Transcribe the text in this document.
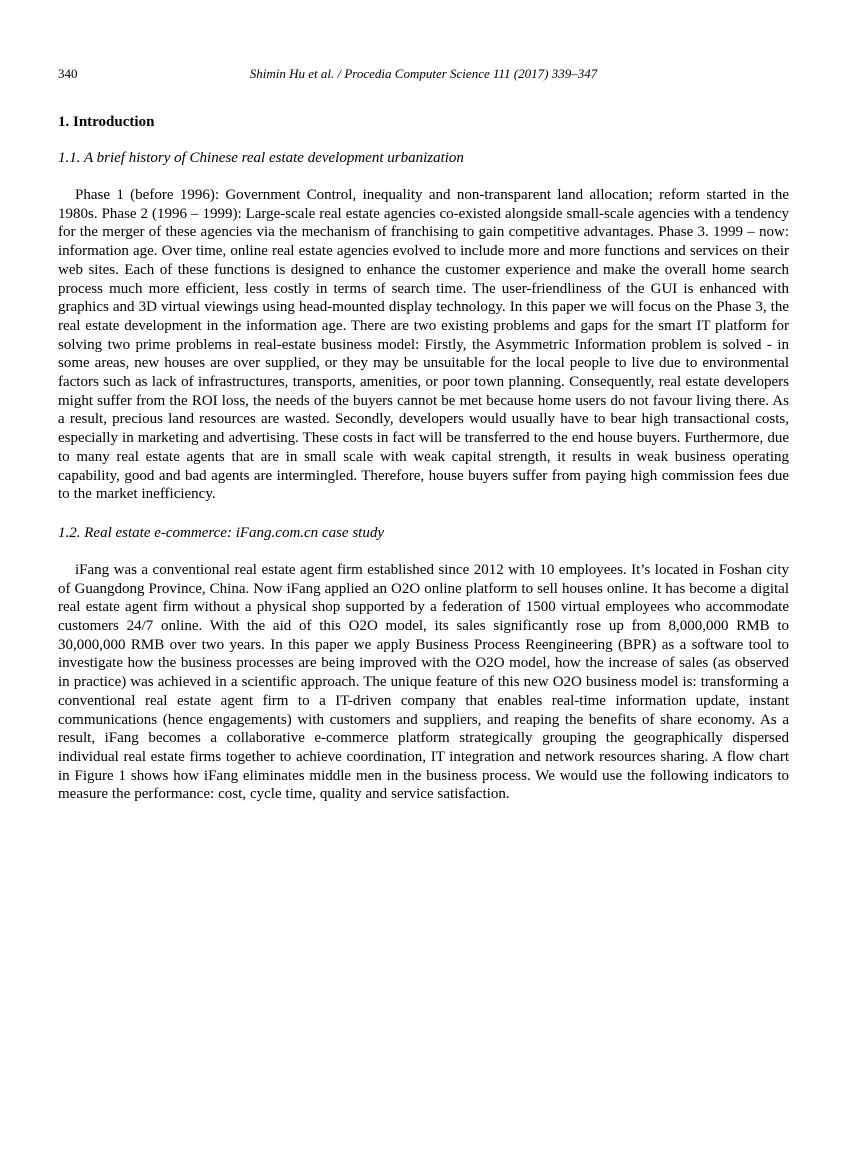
340	Shimin Hu et al. / Procedia Computer Science 111 (2017) 339–347
1. Introduction
1.1. A brief history of Chinese real estate development urbanization

Phase 1 (before 1996): Government Control, inequality and non-transparent land allocation; reform started in the 1980s. Phase 2 (1996 – 1999): Large-scale real estate agencies co-existed alongside small-scale agencies with a tendency for the merger of these agencies via the mechanism of franchising to gain competitive advantages. Phase 3. 1999 – now: information age. Over time, online real estate agencies evolved to include more and more functions and services on their web sites. Each of these functions is designed to enhance the customer experience and make the overall home search process much more efficient, less costly in terms of search time. The user-friendliness of the GUI is enhanced with graphics and 3D virtual viewings using head-mounted display technology. In this paper we will focus on the Phase 3, the real estate development in the information age. There are two existing problems and gaps for the smart IT platform for solving two prime problems in real-estate business model: Firstly, the Asymmetric Information problem is solved - in some areas, new houses are over supplied, or they may be unsuitable for the local people to live due to environmental factors such as lack of infrastructures, transports, amenities, or poor town planning. Consequently, real estate developers might suffer from the ROI loss, the needs of the buyers cannot be met because home users do not favour living there. As a result, precious land resources are wasted. Secondly, developers would usually have to bear high transactional costs, especially in marketing and advertising. These costs in fact will be transferred to the end house buyers. Furthermore, due to many real estate agents that are in small scale with weak capital strength, it results in weak business operating capability, good and bad agents are intermingled. Therefore, house buyers suffer from paying high commission fees due to the market inefficiency.

1.2. Real estate e-commerce: iFang.com.cn case study

iFang was a conventional real estate agent firm established since 2012 with 10 employees. It’s located in Foshan city of Guangdong Province, China. Now iFang applied an O2O online platform to sell houses online. It has become a digital real estate agent firm without a physical shop supported by a federation of 1500 virtual employees who accommodate customers 24/7 online. With the aid of this O2O model, its sales significantly rose up from 8,000,000 RMB to 30,000,000 RMB over two years. In this paper we apply Business Process Reengineering (BPR) as a software tool to investigate how the business processes are being improved with the O2O model, how the increase of sales (as observed in practice) was achieved in a scientific approach. The unique feature of this new O2O business model is: transforming a conventional real estate agent firm to a IT-driven company that enables real-time information update, instant communications (hence engagements) with customers and suppliers, and reaping the benefits of share economy. As a result, iFang becomes a collaborative e-commerce platform strategically grouping the geographically dispersed individual real estate firms together to achieve coordination, IT integration and network resources sharing. A flow chart in Figure 1 shows how iFang eliminates middle men in the business process. We would use the following indicators to measure the performance: cost, cycle time, quality and service satisfaction.
